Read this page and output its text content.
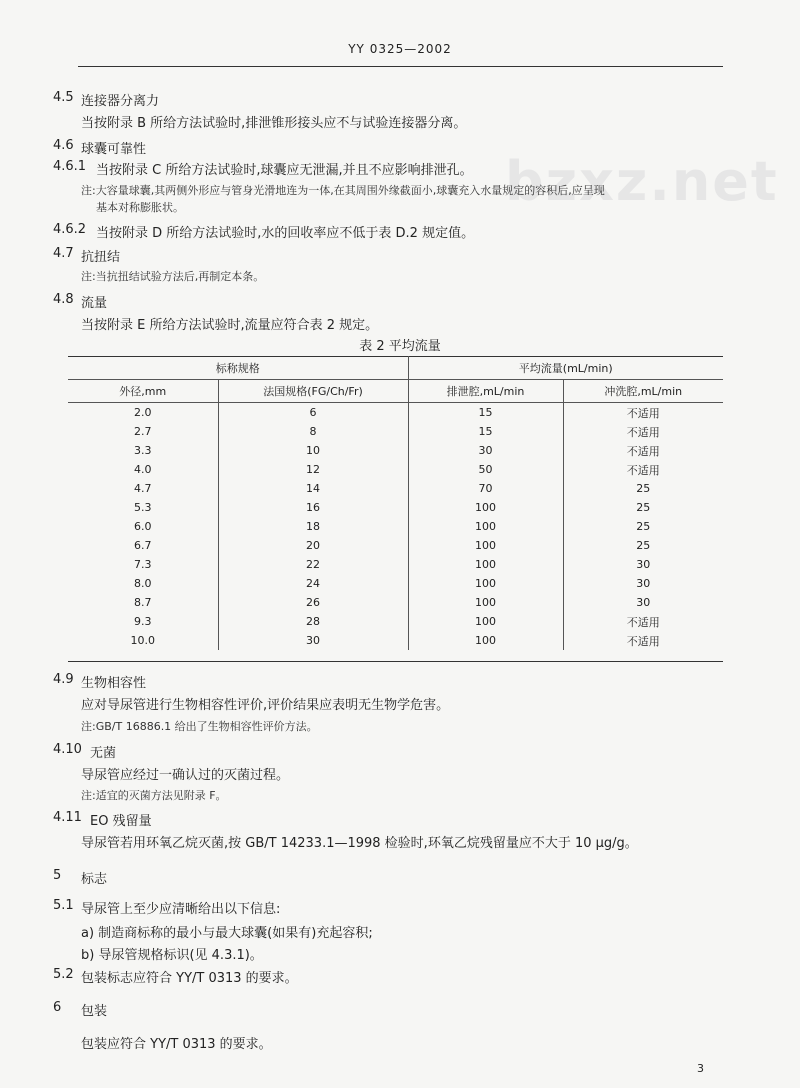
YY 0325—2002
bzxz.net
4.5 连接器分离力
当按附录 B 所给方法试验时,排泄锥形接头应不与试验连接器分离。
4.6 球囊可靠性
4.6.1 当按附录 C 所给方法试验时,球囊应无泄漏,并且不应影响排泄孔。
注:大容量球囊,其两侧外形应与管身光滑地连为一体,在其周围外缘截面小,球囊充入水量规定的容积后,应呈现
基本对称膨胀状。
4.6.2 当按附录 D 所给方法试验时,水的回收率应不低于表 D.2 规定值。
4.7 抗扭结
注:当抗扭结试验方法后,再制定本条。
4.8 流量
当按附录 E 所给方法试验时,流量应符合表 2 规定。
表 2 平均流量
标称规格		平均流量(mL/min)	
外径,mm	法国规格(FG/Ch/Fr)	排泄腔,mL/min	冲洗腔,mL/min
2.0	6	15	不适用
2.7	8	15	不适用
3.3	10	30	不适用
4.0	12	50	不适用
4.7	14	70	25
5.3	16	100	25
6.0	18	100	25
6.7	20	100	25
7.3	22	100	30
8.0	24	100	30
8.7	26	100	30
9.3	28	100	不适用
10.0	30	100	不适用
4.9 生物相容性
应对导尿管进行生物相容性评价,评价结果应表明无生物学危害。
注:GB/T 16886.1 给出了生物相容性评价方法。
4.10 无菌
导尿管应经过一确认过的灭菌过程。
注:适宜的灭菌方法见附录 F。
4.11 EO 残留量
导尿管若用环氧乙烷灭菌,按 GB/T 14233.1—1998 检验时,环氧乙烷残留量应不大于 10 μg/g。
5 标志
5.1 导尿管上至少应清晰给出以下信息:
a) 制造商标称的最小与最大球囊(如果有)充起容积;
b) 导尿管规格标识(见 4.3.1)。
5.2 包装标志应符合 YY/T 0313 的要求。
6 包装
包装应符合 YY/T 0313 的要求。
3
